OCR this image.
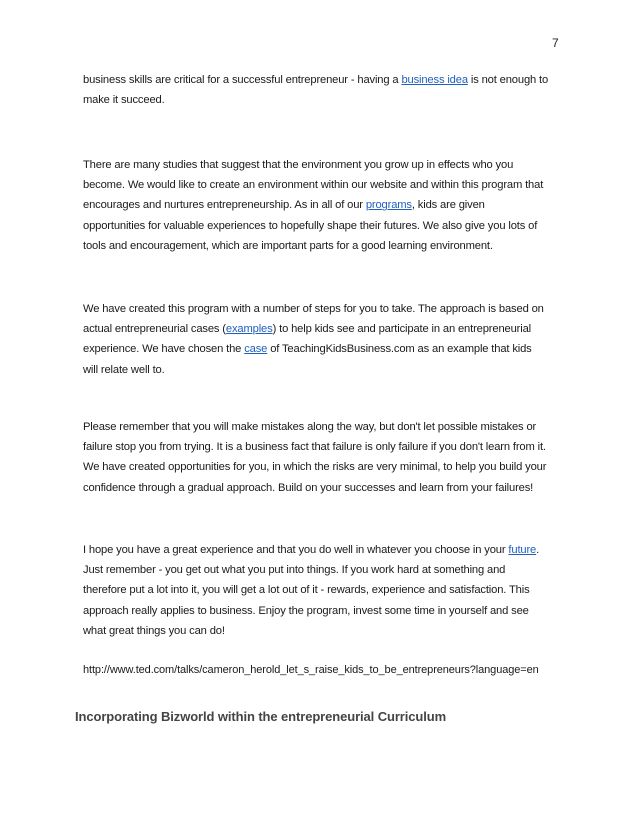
7

business skills are critical for a successful entrepreneur - having a business idea is not enough to
make it succeed.

There are many studies that suggest that the environment you grow up in effects who you
become. We would like to create an environment within our website and within this program that
encourages and nurtures entrepreneurship. As in all of our programs, kids are given
opportunities for valuable experiences to hopefully shape their futures. We also give you lots of
tools and encouragement, which are important parts for a good learning environment.

We have created this program with a number of steps for you to take. The approach is based on
actual entrepreneurial cases (examples) to help kids see and participate in an entrepreneurial
experience. We have chosen the case of TeachingKidsBusiness.com as an example that kids
will relate well to.

Please remember that you will make mistakes along the way, but don't let possible mistakes or
failure stop you from trying. It is a business fact that failure is only failure if you don't learn from it.
We have created opportunities for you, in which the risks are very minimal, to help you build your
confidence through a gradual approach. Build on your successes and learn from your failures!

I hope you have a great experience and that you do well in whatever you choose in your future.
Just remember - you get out what you put into things. If you work hard at something and
therefore put a lot into it, you will get a lot out of it - rewards, experience and satisfaction. This
approach really applies to business. Enjoy the program, invest some time in yourself and see
what great things you can do!

http://www.ted.com/talks/cameron_herold_let_s_raise_kids_to_be_entrepreneurs?language=en
Incorporating Bizworld within the entrepreneurial Curriculum
